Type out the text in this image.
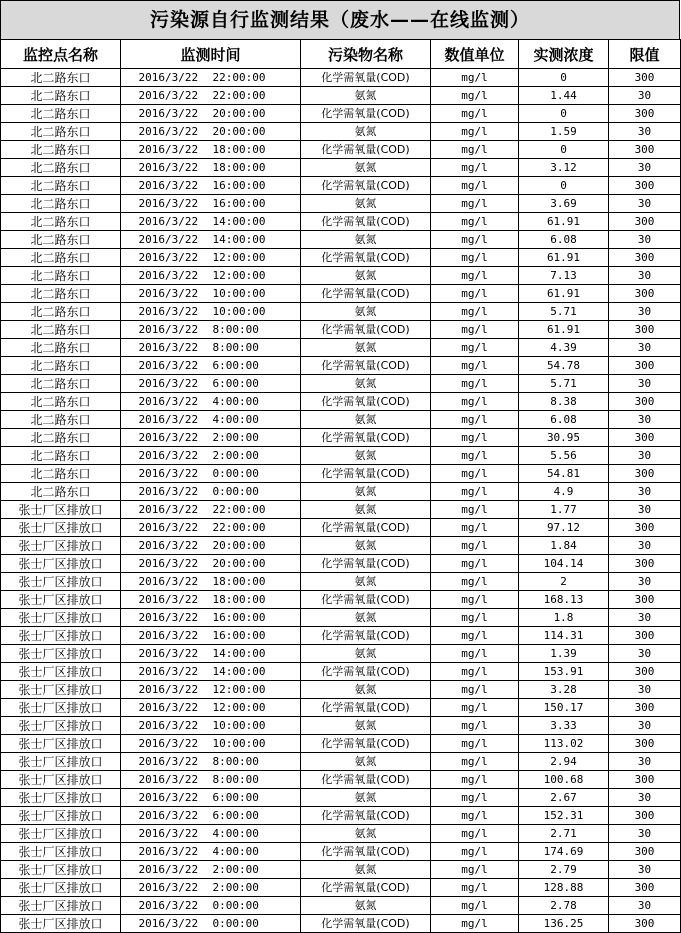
污染源自行监测结果（废水——在线监测）
监控点名称	监测时间	污染物名称	数值单位	实测浓度	限值
北二路东口	2016/3/22 22:00:00	化学需氧量(COD)	mg/l	0	300
北二路东口	2016/3/22 22:00:00	氨氮	mg/l	1.44	30
北二路东口	2016/3/22 20:00:00	化学需氧量(COD)	mg/l	0	300
北二路东口	2016/3/22 20:00:00	氨氮	mg/l	1.59	30
北二路东口	2016/3/22 18:00:00	化学需氧量(COD)	mg/l	0	300
北二路东口	2016/3/22 18:00:00	氨氮	mg/l	3.12	30
北二路东口	2016/3/22 16:00:00	化学需氧量(COD)	mg/l	0	300
北二路东口	2016/3/22 16:00:00	氨氮	mg/l	3.69	30
北二路东口	2016/3/22 14:00:00	化学需氧量(COD)	mg/l	61.91	300
北二路东口	2016/3/22 14:00:00	氨氮	mg/l	6.08	30
北二路东口	2016/3/22 12:00:00	化学需氧量(COD)	mg/l	61.91	300
北二路东口	2016/3/22 12:00:00	氨氮	mg/l	7.13	30
北二路东口	2016/3/22 10:00:00	化学需氧量(COD)	mg/l	61.91	300
北二路东口	2016/3/22 10:00:00	氨氮	mg/l	5.71	30
北二路东口	2016/3/22 8:00:00	化学需氧量(COD)	mg/l	61.91	300
北二路东口	2016/3/22 8:00:00	氨氮	mg/l	4.39	30
北二路东口	2016/3/22 6:00:00	化学需氧量(COD)	mg/l	54.78	300
北二路东口	2016/3/22 6:00:00	氨氮	mg/l	5.71	30
北二路东口	2016/3/22 4:00:00	化学需氧量(COD)	mg/l	8.38	300
北二路东口	2016/3/22 4:00:00	氨氮	mg/l	6.08	30
北二路东口	2016/3/22 2:00:00	化学需氧量(COD)	mg/l	30.95	300
北二路东口	2016/3/22 2:00:00	氨氮	mg/l	5.56	30
北二路东口	2016/3/22 0:00:00	化学需氧量(COD)	mg/l	54.81	300
北二路东口	2016/3/22 0:00:00	氨氮	mg/l	4.9	30
张士厂区排放口	2016/3/22 22:00:00	氨氮	mg/l	1.77	30
张士厂区排放口	2016/3/22 22:00:00	化学需氧量(COD)	mg/l	97.12	300
张士厂区排放口	2016/3/22 20:00:00	氨氮	mg/l	1.84	30
张士厂区排放口	2016/3/22 20:00:00	化学需氧量(COD)	mg/l	104.14	300
张士厂区排放口	2016/3/22 18:00:00	氨氮	mg/l	2	30
张士厂区排放口	2016/3/22 18:00:00	化学需氧量(COD)	mg/l	168.13	300
张士厂区排放口	2016/3/22 16:00:00	氨氮	mg/l	1.8	30
张士厂区排放口	2016/3/22 16:00:00	化学需氧量(COD)	mg/l	114.31	300
张士厂区排放口	2016/3/22 14:00:00	氨氮	mg/l	1.39	30
张士厂区排放口	2016/3/22 14:00:00	化学需氧量(COD)	mg/l	153.91	300
张士厂区排放口	2016/3/22 12:00:00	氨氮	mg/l	3.28	30
张士厂区排放口	2016/3/22 12:00:00	化学需氧量(COD)	mg/l	150.17	300
张士厂区排放口	2016/3/22 10:00:00	氨氮	mg/l	3.33	30
张士厂区排放口	2016/3/22 10:00:00	化学需氧量(COD)	mg/l	113.02	300
张士厂区排放口	2016/3/22 8:00:00	氨氮	mg/l	2.94	30
张士厂区排放口	2016/3/22 8:00:00	化学需氧量(COD)	mg/l	100.68	300
张士厂区排放口	2016/3/22 6:00:00	氨氮	mg/l	2.67	30
张士厂区排放口	2016/3/22 6:00:00	化学需氧量(COD)	mg/l	152.31	300
张士厂区排放口	2016/3/22 4:00:00	氨氮	mg/l	2.71	30
张士厂区排放口	2016/3/22 4:00:00	化学需氧量(COD)	mg/l	174.69	300
张士厂区排放口	2016/3/22 2:00:00	氨氮	mg/l	2.79	30
张士厂区排放口	2016/3/22 2:00:00	化学需氧量(COD)	mg/l	128.88	300
张士厂区排放口	2016/3/22 0:00:00	氨氮	mg/l	2.78	30
张士厂区排放口	2016/3/22 0:00:00	化学需氧量(COD)	mg/l	136.25	300
